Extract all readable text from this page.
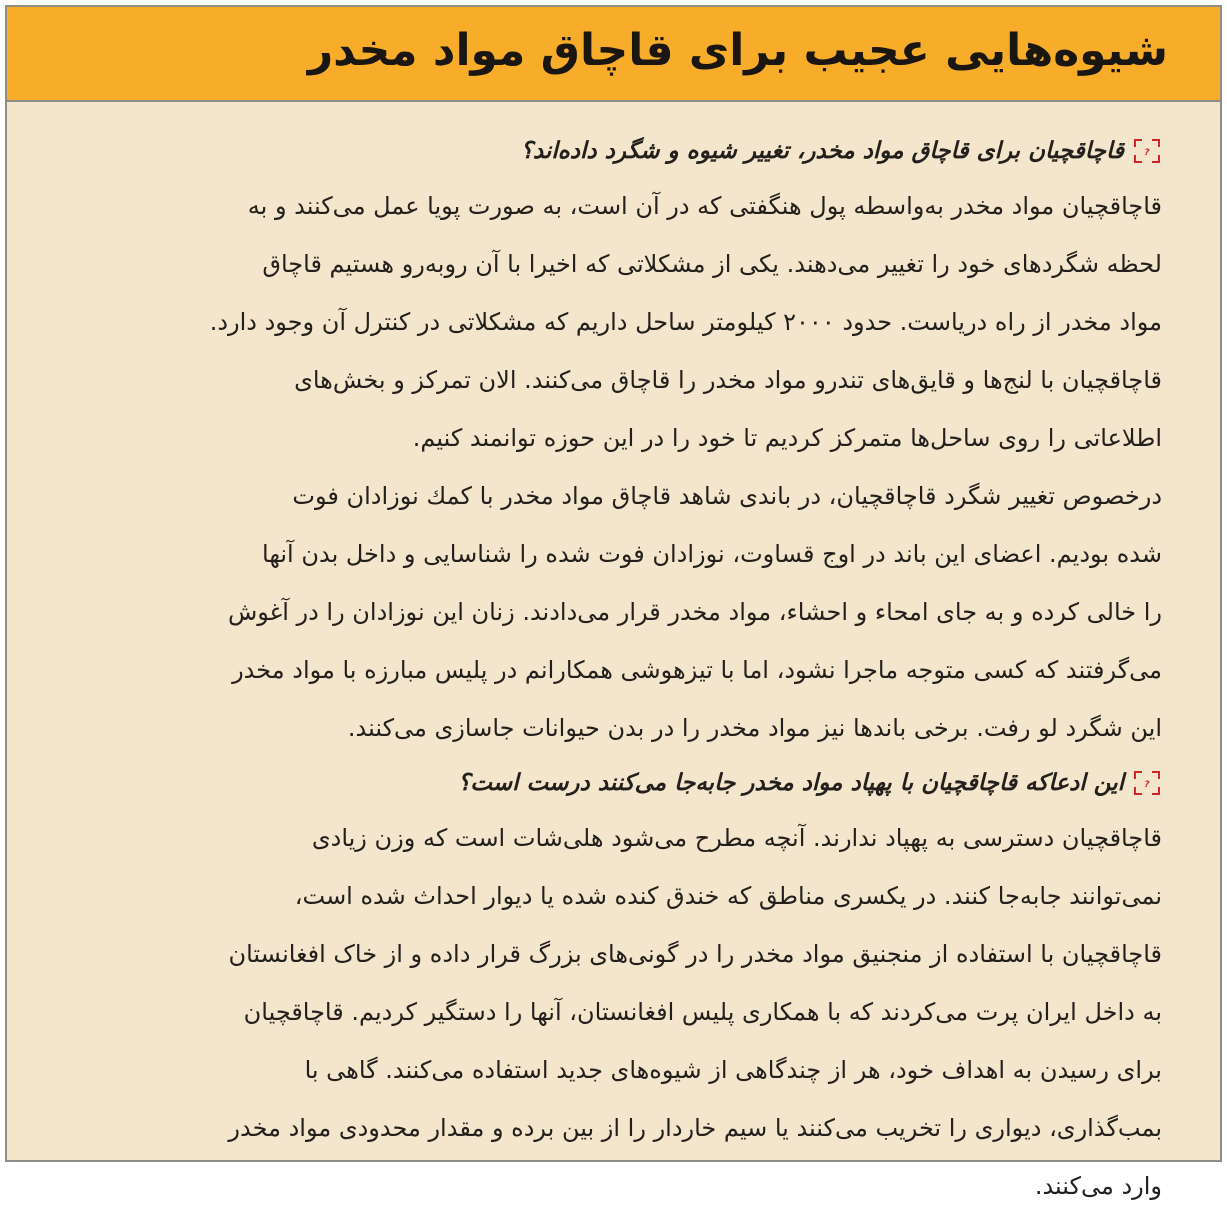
شیوه‌هایی عجیب برای قاچاق مواد مخدر
?
قاچاقچیان برای قاچاق مواد مخدر، تغییر شیوه و شگرد داده‌اند؟

قاچاقچیان مواد مخدر به‌واسطه پول هنگفتی که در آن است، به صورت پویا عمل می‌کنند و به
لحظه شگردهای خود را تغییر می‌دهند. یکی از مشکلاتی که اخیرا با آن روبه‌رو هستیم قاچاق
مواد مخدر از راه دریاست. حدود ۲۰۰۰ کیلومتر ساحل داریم که مشکلاتی در کنترل آن وجود دارد.
قاچاقچیان با لنج‌ها و قایق‌های تندرو مواد مخدر را قاچاق می‌کنند. الان تمرکز و بخش‌های
اطلاعاتی را روی ساحل‌ها متمرکز کردیم تا خود را در این حوزه توانمند کنیم.

درخصوص تغییر شگرد قاچاقچیان، در باندی شاهد قاچاق مواد مخدر با کمك نوزادان فوت
شده بودیم. اعضای این باند در اوج قساوت، نوزادان فوت شده را شناسایی و داخل بدن آنها
را خالی کرده و به جای امحاء و احشاء، مواد مخدر قرار می‌دادند. زنان این نوزادان را در آغوش
می‌گرفتند که کسی متوجه ماجرا نشود، اما با تیزهوشی همکارانم در پلیس مبارزه با مواد مخدر
این شگرد لو رفت. برخی باندها نیز مواد مخدر را در بدن حیوانات جاسازی می‌کنند.

?
این ادعاکه قاچاقچیان با پهپاد مواد مخدر جابه‌جا می‌کنند درست است؟

قاچاقچیان دسترسی به پهپاد ندارند. آنچه مطرح می‌شود هلی‌شات است که وزن زیادی
نمی‌توانند جابه‌جا کنند. در یکسری مناطق که خندق کنده شده یا دیوار احداث شده است،
قاچاقچیان با استفاده از منجنیق مواد مخدر را در گونی‌های بزرگ قرار داده و از خاک افغانستان
به داخل ایران پرت می‌کردند که با همکاری پلیس افغانستان، آنها را دستگیر کردیم. قاچاقچیان
برای رسیدن به اهداف خود، هر از چندگاهی از شیوه‌های جدید استفاده می‌کنند. گاهی با
بمب‌گذاری، دیواری را تخریب می‌کنند یا سیم خاردار را از بین برده و مقدار محدودی مواد مخدر
وارد می‌کنند.
